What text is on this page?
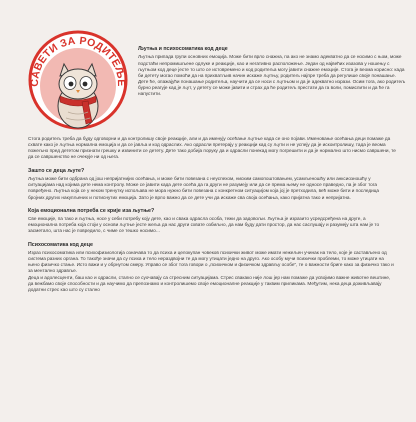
САВЕТИ ЗА РОДИТЕЉЕ
Љутња и психосоматика код деце

Љутња припада групи основних емоција. Може бити врло снажна, па ако не знамо адекватно да се носимо с њом, може подстаћи непромишљене одлуке и реакције, као и негативно расположење. Један од највећих изазова у ношењу с љутњом код деце јесте то што се истовремено и код родитеља могу јавити снажне емоције. Стога је веома корисно: када би детету могао помоћи да на прихватљив начин искаже љутњу, родитељ најпре треба да регулише своје понашање. Дете ће, опажајући понашање родитеља, научити да се носи с љутњом и да је адекватно изрази. Осим тога, ако родитељ бурно реагује кад је љут, у детету се може јавити и страх да ће родитељ престати да га воли, помислити и да ће га напустити.

Стога родитељ треба да буду одговорни и да контролишу своје реакције, али и да именују осећање љутње када се оно појави. Именовање осећања деци помаже да схвате како је љутња нормална емоција и да се јавља и код одраслих. Ако одрасли претерају у реакцији кад су љути и не успеју да је искоитролишу, тада је веома пожељно пред дететом признати грешку и извинити се детету. Дете тако добија поруку да и одрасли понекад могу погрешити и да је нормално што нисмо савршени, те да се савршенство не очекује ни од њега.

Зашто се деца љуте?

Љутња може бити одбрана од још непријатнијих осећања, и може бити повезана с неуспехом, ниским самопоштовањем, усамљеношћу или анксиозношћу у ситуацијама над којима дете нема контролу. Може се јавити када дете осећа да га други не разумеју или да се према њему не односе праведно, па је због тога повређено. Љутња која се у неком тренутку испољава не мора нужно бити повезана с конкретном ситуацијом која јој је претходила, већ може бити и последица бројних других накупљених и потиснутих емоција. Зато је врло важно да се дете учи да искаже сва своја осећања, како пријатна тако и непријатна.

Која емоционална потреба се крије иза љутње?

Све емоције, па тако и љутња, носе у себи потребу коју дете, као и свака одрасла особа, тежи да задовољи. Љутња је изразито усредсређена на друге, а емоционална потреба која стоји у основи љутње јесте жеља да нас други схвате озбиљно, да нам буду дати простор, да нас саслушају и разумеју шта нам је то засметало, шта нас је повредило, с чиме се тешко носимо…

Психосоматика код деце

Израз психосоматика или психофизиологија означава то да психа и целокупан човеков психички живот може имати нежељен учинак на тело, које је састављено од система разних органа. То такође значи да су психа и тело нераздвојни те да могу утицати једно на друго. Ако особу мучи психички проблеми, то може утицати на њено физичко стање. Исто важи и у обрнутом смеру. Управо се због тога говори о „психичком и физичком здрављу особе“, те о важности бриге како за физичко тако и за ментално здравље.

Деца и адолесценти, баш као и одрасли, стално се суочавају са стресним ситуацијама. Стрес свакако није лош јер нам помаже да усвојимо важне животне вештине, да вежбамо своје способности и да научимо да препознамо и контролишемо своје емоционалне реакције у таквим приликама. Међутим, нека деца доживљавају додатни стрес као што су стално
